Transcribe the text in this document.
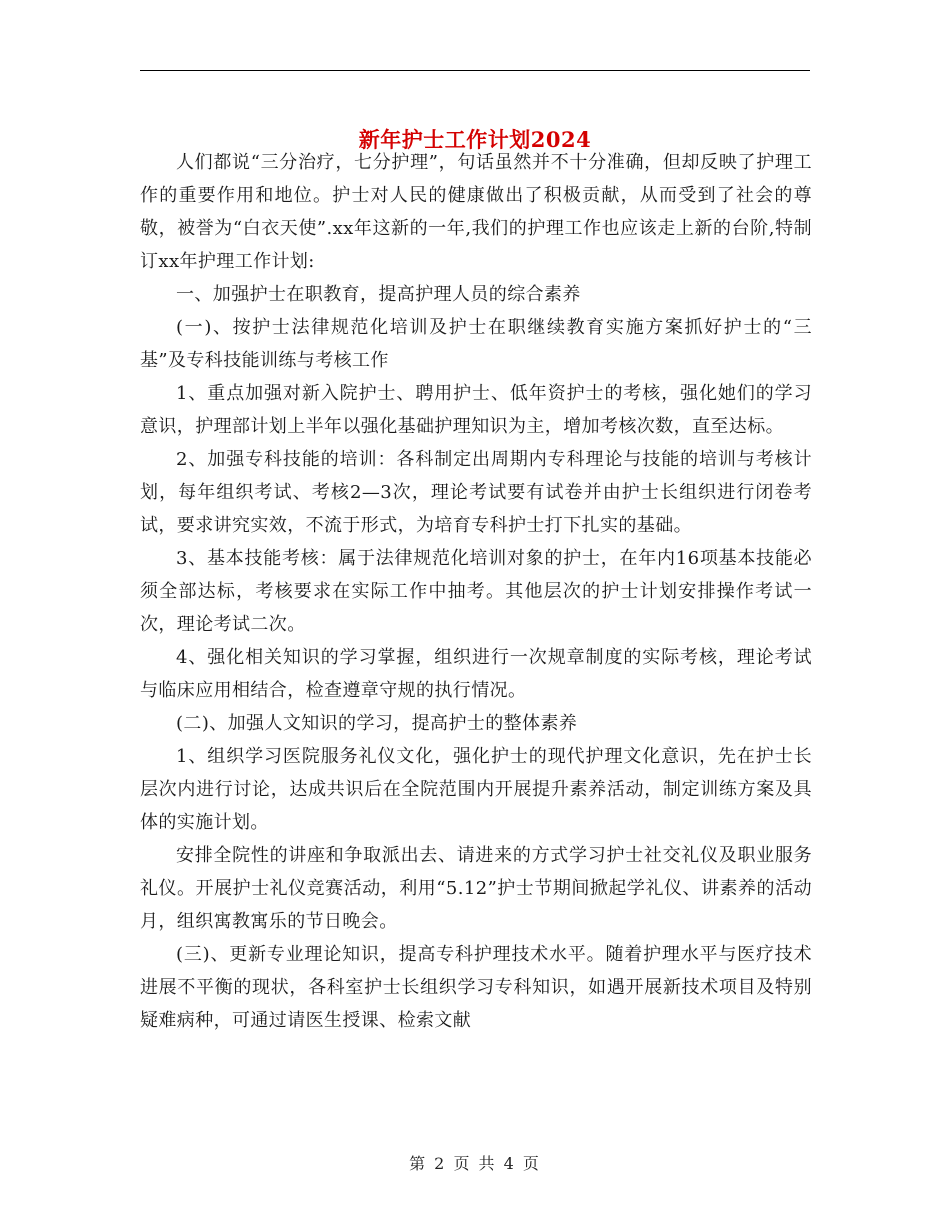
新年护士工作计划2024

人们都说“三分治疗，七分护理”，句话虽然并不十分准确，但却反映了护理工作的重要作用和地位。护士对人民的健康做出了积极贡献，从而受到了社会的尊敬，被誉为“白衣天使”.xx年这新的一年,我们的护理工作也应该走上新的台阶,特制订xx年护理工作计划:

一、加强护士在职教育，提高护理人员的综合素养

(一)、按护士法律规范化培训及护士在职继续教育实施方案抓好护士的“三基”及专科技能训练与考核工作

1、重点加强对新入院护士、聘用护士、低年资护士的考核，强化她们的学习意识，护理部计划上半年以强化基础护理知识为主，增加考核次数，直至达标。

2、加强专科技能的培训：各科制定出周期内专科理论与技能的培训与考核计划，每年组织考试、考核2—3次，理论考试要有试卷并由护士长组织进行闭卷考试，要求讲究实效，不流于形式，为培育专科护士打下扎实的基础。

3、基本技能考核：属于法律规范化培训对象的护士，在年内16项基本技能必须全部达标，考核要求在实际工作中抽考。其他层次的护士计划安排操作考试一次，理论考试二次。

4、强化相关知识的学习掌握，组织进行一次规章制度的实际考核，理论考试与临床应用相结合，检查遵章守规的执行情况。

(二)、加强人文知识的学习，提高护士的整体素养

1、组织学习医院服务礼仪文化，强化护士的现代护理文化意识，先在护士长层次内进行讨论，达成共识后在全院范围内开展提升素养活动，制定训练方案及具体的实施计划。

安排全院性的讲座和争取派出去、请进来的方式学习护士社交礼仪及职业服务礼仪。开展护士礼仪竞赛活动，利用“5.12”护士节期间掀起学礼仪、讲素养的活动月，组织寓教寓乐的节日晚会。

(三)、更新专业理论知识，提高专科护理技术水平。随着护理水平与医疗技术进展不平衡的现状，各科室护士长组织学习专科知识，如遇开展新技术项目及特别疑难病种，可通过请医生授课、检索文献

第 2 页 共 4 页
